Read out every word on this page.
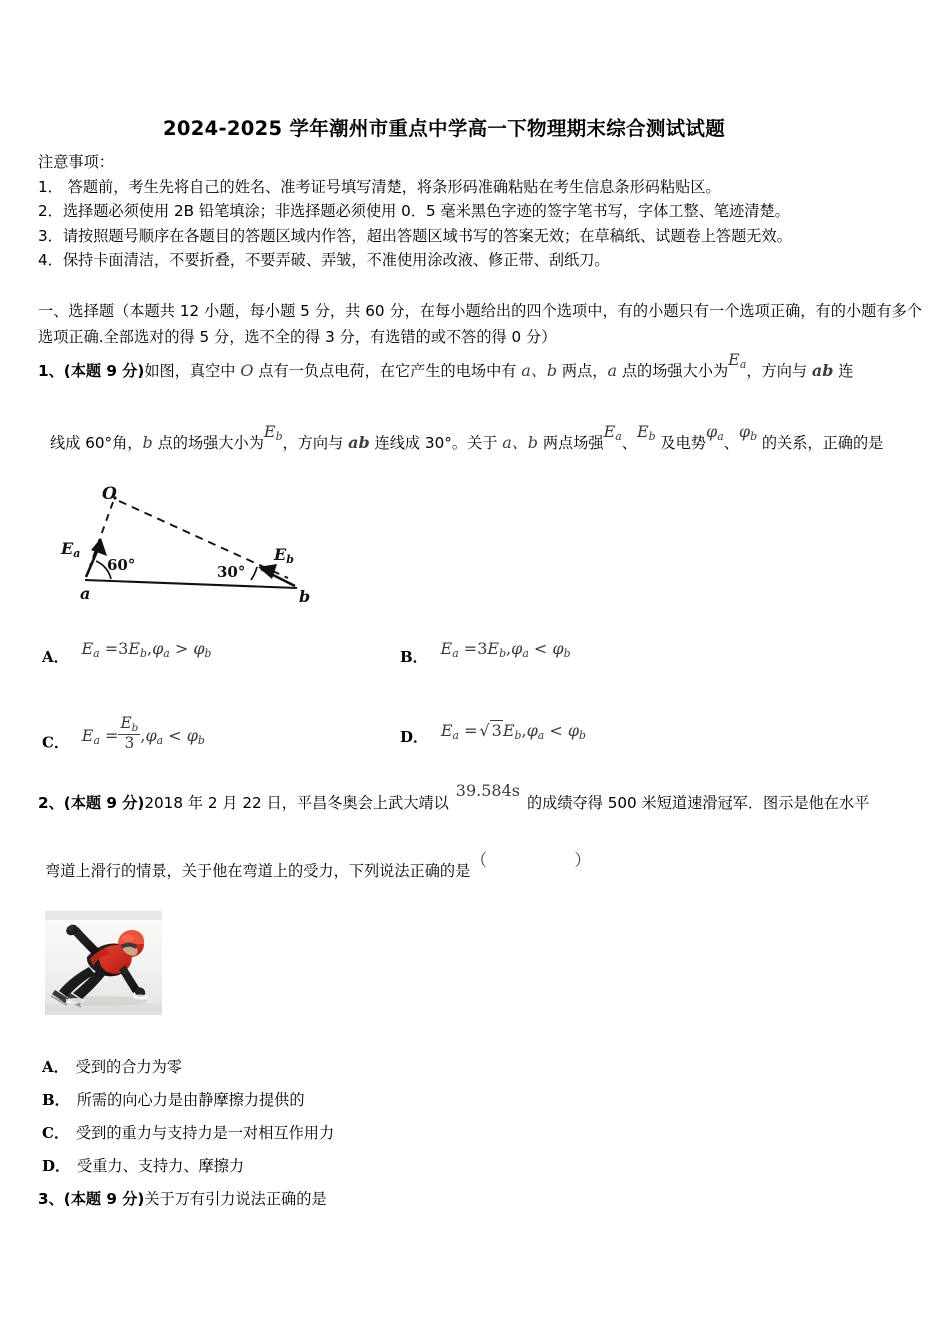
2024-2025 学年潮州市重点中学高一下物理期末综合测试试题
注意事项：
1． 答题前，考生先将自己的姓名、准考证号填写清楚，将条形码准确粘贴在考生信息条形码粘贴区。
2．选择题必须使用 2B 铅笔填涂；非选择题必须使用 0．5 毫米黑色字迹的签字笔书写，字体工整、笔迹清楚。
3．请按照题号顺序在各题目的答题区域内作答，超出答题区域书写的答案无效；在草稿纸、试题卷上答题无效。
4．保持卡面清洁，不要折叠，不要弄破、弄皱，不准使用涂改液、修正带、刮纸刀。
一、选择题（本题共 12 小题，每小题 5 分，共 60 分，在每小题给出的四个选项中，有的小题只有一个选项正确，有的小题有多个选项正确.全部选对的得 5 分，选不全的得 3 分，有选错的或不答的得 0 分）
1、(本题 9 分)如图，真空中 O 点有一负点电荷，在它产生的电场中有 a、b 两点，a 点的场强大小为$E_a$，方向与 ab 连
线成 60°角，b 点的场强大小为$E_b$，方向与 ab 连线成 30°。关于 a、b 两点场强$E_a$、$E_b$ 及电势$\varphi_a$、$\varphi_b$ 的关系，正确的是
O
a	b
Ea	Eb
60°	30°
A． $E_a =3E_b,\varphi_a > \varphi_b$	B． $E_a =3E_b,\varphi_a < \varphi_b$
C． $E_a = \frac{E_b}{3} ,\varphi_a < \varphi_b$	D． $E_a$ = √ $3E_b,\varphi_a < \varphi_b$
2、(本题 9 分)2018 年 2 月 22 日，平昌冬奥会上武大靖以39.584s的成绩夺得 500 米短道速滑冠军．图示是他在水平
弯道上滑行的情景，关于他在弯道上的受力，下列说法正确的是（ ）
A． 受到的合力为零
B． 所需的向心力是由静摩擦力提供的
C． 受到的重力与支持力是一对相互作用力
D． 受重力、支持力、摩擦力
3、(本题 9 分)关于万有引力说法正确的是
